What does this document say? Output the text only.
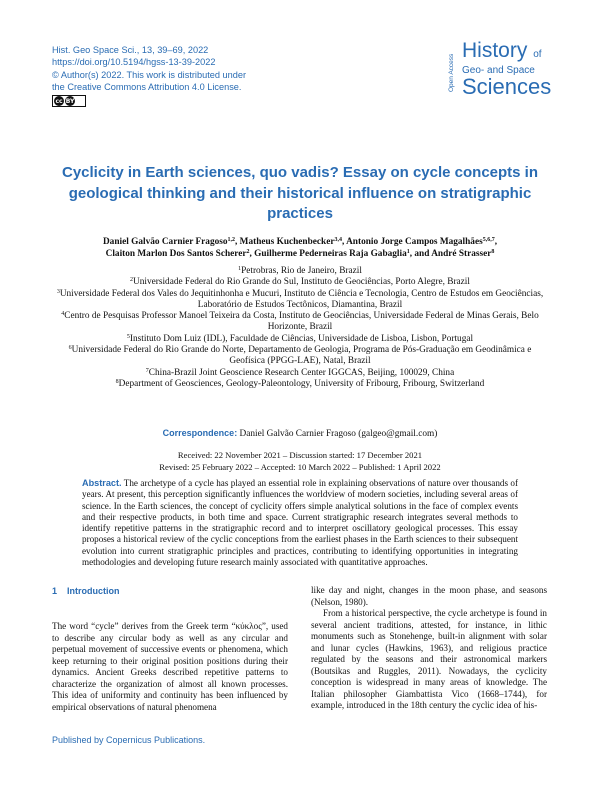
Hist. Geo Space Sci., 13, 39–69, 2022
https://doi.org/10.5194/hgss-13-39-2022
© Author(s) 2022. This work is distributed under
the Creative Commons Attribution 4.0 License.
cc BY
Open Access
History of
Geo- and Space
Sciences
Cyclicity in Earth sciences, quo vadis? Essay on cycle concepts in geological thinking and their historical influence on stratigraphic practices
Daniel Galvão Carnier Fragoso$^{1,2}$, Matheus Kuchenbecker$^{3,4}$, Antonio Jorge Campos Magalhães$^{5,6,7}$,
Claiton Marlon Dos Santos Scherer$^2$, Guilherme Pederneiras Raja Gabaglia$^1$, and André Strasser$^8$
$^1$Petrobras, Rio de Janeiro, Brazil
$^2$Universidade Federal do Rio Grande do Sul, Instituto de Geociências, Porto Alegre, Brazil
$^3$Universidade Federal dos Vales do Jequitinhonha e Mucuri, Instituto de Ciência e Tecnologia, Centro de Estudos em Geociências, Laboratório de Estudos Tectônicos, Diamantina, Brazil
$^4$Centro de Pesquisas Professor Manoel Teixeira da Costa, Instituto de Geociências, Universidade Federal de Minas Gerais, Belo Horizonte, Brazil
$^5$Instituto Dom Luiz (IDL), Faculdade de Ciências, Universidade de Lisboa, Lisbon, Portugal
$^6$Universidade Federal do Rio Grande do Norte, Departamento de Geologia, Programa de Pós-Graduação em Geodinâmica e Geofísica (PPGG-LAE), Natal, Brazil
$^7$China-Brazil Joint Geoscience Research Center IGGCAS, Beijing, 100029, China
$^8$Department of Geosciences, Geology-Paleontology, University of Fribourg, Fribourg, Switzerland
Correspondence: Daniel Galvão Carnier Fragoso (galgeo@gmail.com)
Received: 22 November 2021 – Discussion started: 17 December 2021
Revised: 25 February 2022 – Accepted: 10 March 2022 – Published: 1 April 2022
Abstract. The archetype of a cycle has played an essential role in explaining observations of nature over thousands of years. At present, this perception significantly influences the worldview of modern societies, including several areas of science. In the Earth sciences, the concept of cyclicity offers simple analytical solutions in the face of complex events and their respective products, in both time and space. Current stratigraphic research integrates several methods to identify repetitive patterns in the stratigraphic record and to interpret oscillatory geological processes. This essay proposes a historical review of the cyclic conceptions from the earliest phases in the Earth sciences to their subsequent evolution into current stratigraphic principles and practices, contributing to identifying opportunities in integrating methodologies and developing future research mainly associated with quantitative approaches.
1 Introduction

The word “cycle” derives from the Greek term “κύκλος”, used to describe any circular body as well as any circular and perpetual movement of successive events or phenomena, which keep returning to their original position positions during their dynamics. Ancient Greeks described repetitive patterns to characterize the organization of almost all known processes. This idea of uniformity and continuity has been influenced by empirical observations of natural phenomena

like day and night, changes in the moon phase, and seasons (Nelson, 1980).

From a historical perspective, the cycle archetype is found in several ancient traditions, attested, for instance, in lithic monuments such as Stonehenge, built-in alignment with solar and lunar cycles (Hawkins, 1963), and religious practice regulated by the seasons and their astronomical markers (Boutsikas and Ruggles, 2011). Nowadays, the cyclicity conception is widespread in many areas of knowledge. The Italian philosopher Giambattista Vico (1668–1744), for example, introduced in the 18th century the cyclic idea of his-

Published by Copernicus Publications.
